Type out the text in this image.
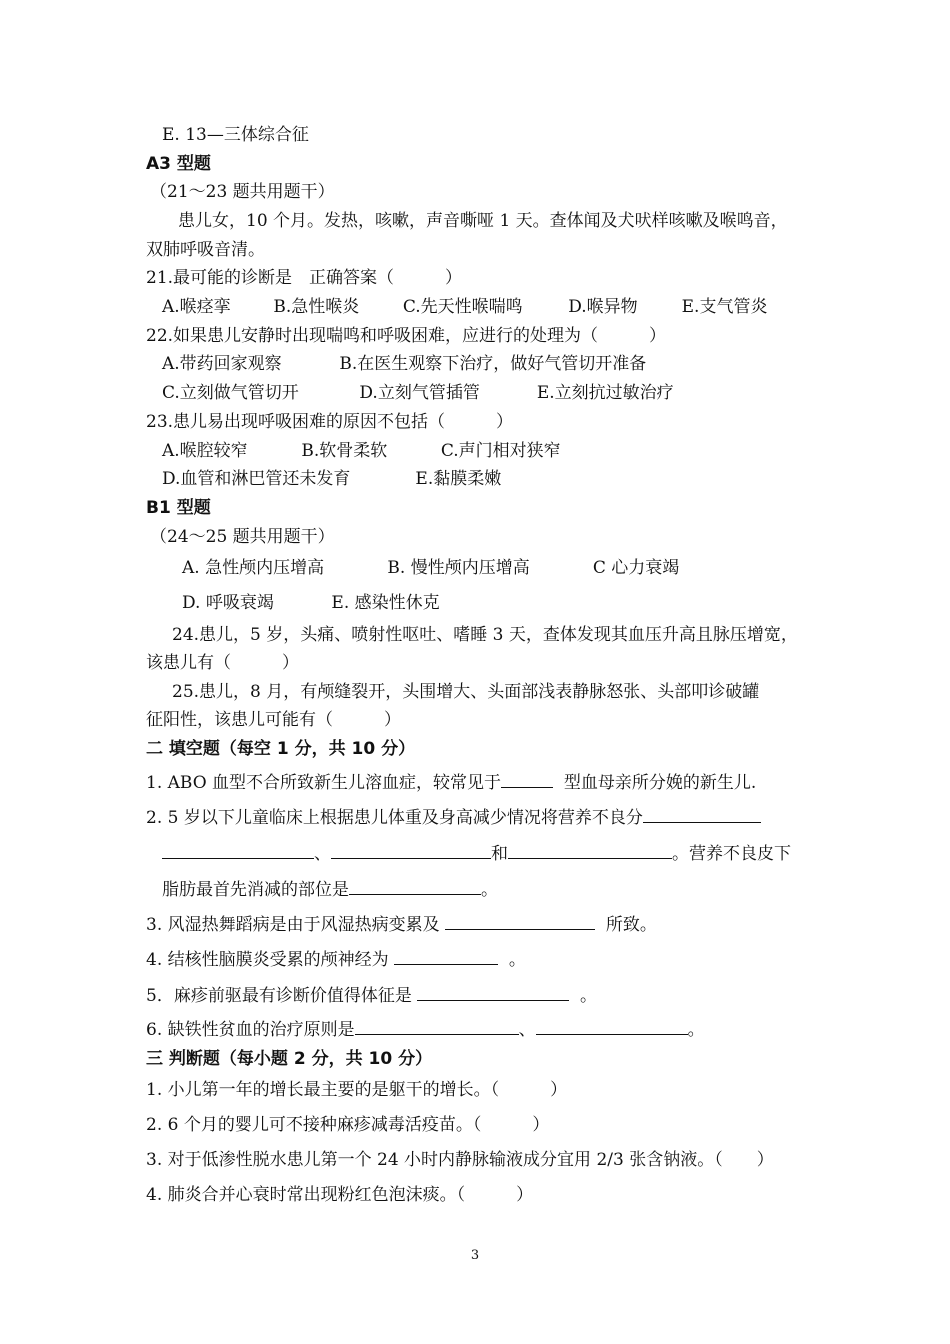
E. 13—三体综合征
A3 型题
（21～23 题共用题干）
患儿女，10 个月。发热，咳嗽，声音嘶哑 1 天。查体闻及犬吠样咳嗽及喉鸣音，
双肺呼吸音清。
21.最可能的诊断是　正确答案（　　　）
A.喉痉挛	B.急性喉炎	C.先天性喉喘鸣	D.喉异物	E.支气管炎
22.如果患儿安静时出现喘鸣和呼吸困难，应进行的处理为（　　　）
A.带药回家观察	B.在医生观察下治疗，做好气管切开准备
C.立刻做气管切开	D.立刻气管插管	E.立刻抗过敏治疗
23.患儿易出现呼吸困难的原因不包括（　　　）
A.喉腔较窄	B.软骨柔软	C.声门相对狭窄
D.血管和淋巴管还未发育	E.黏膜柔嫩
B1 型题
（24～25 题共用题干）
A. 急性颅内压增高	B. 慢性颅内压增高	C 心力衰竭
D. 呼吸衰竭	E. 感染性休克
24.患儿，5 岁，头痛、喷射性呕吐、嗜睡 3 天，查体发现其血压升高且脉压增宽，
该患儿有（　　　）
25.患儿，8 月，有颅缝裂开，头围增大、头面部浅表静脉怒张、头部叩诊破罐
征阳性，该患儿可能有（　　　）
二 填空题（每空 1 分，共 10 分）
1. ABO 血型不合所致新生儿溶血症，较常见于	型血母亲所分娩的新生儿.
2. 5 岁以下儿童临床上根据患儿体重及身高减少情况将营养不良分
、	和	。营养不良皮下
脂肪最首先消减的部位是	。
3. 风湿热舞蹈病是由于风湿热病变累及	所致。
4. 结核性脑膜炎受累的颅神经为	。
5．麻疹前驱最有诊断价值得体征是	。
6. 缺铁性贫血的治疗原则是	、	。
三 判断题（每小题 2 分，共 10 分）
1. 小儿第一年的增长最主要的是躯干的增长。（　　　）
2. 6 个月的婴儿可不接种麻疹减毒活疫苗。（　　　）
3. 对于低渗性脱水患儿第一个 24 小时内静脉输液成分宜用 2/3 张含钠液。（　　）
4. 肺炎合并心衰时常出现粉红色泡沫痰。（　　　）
3
